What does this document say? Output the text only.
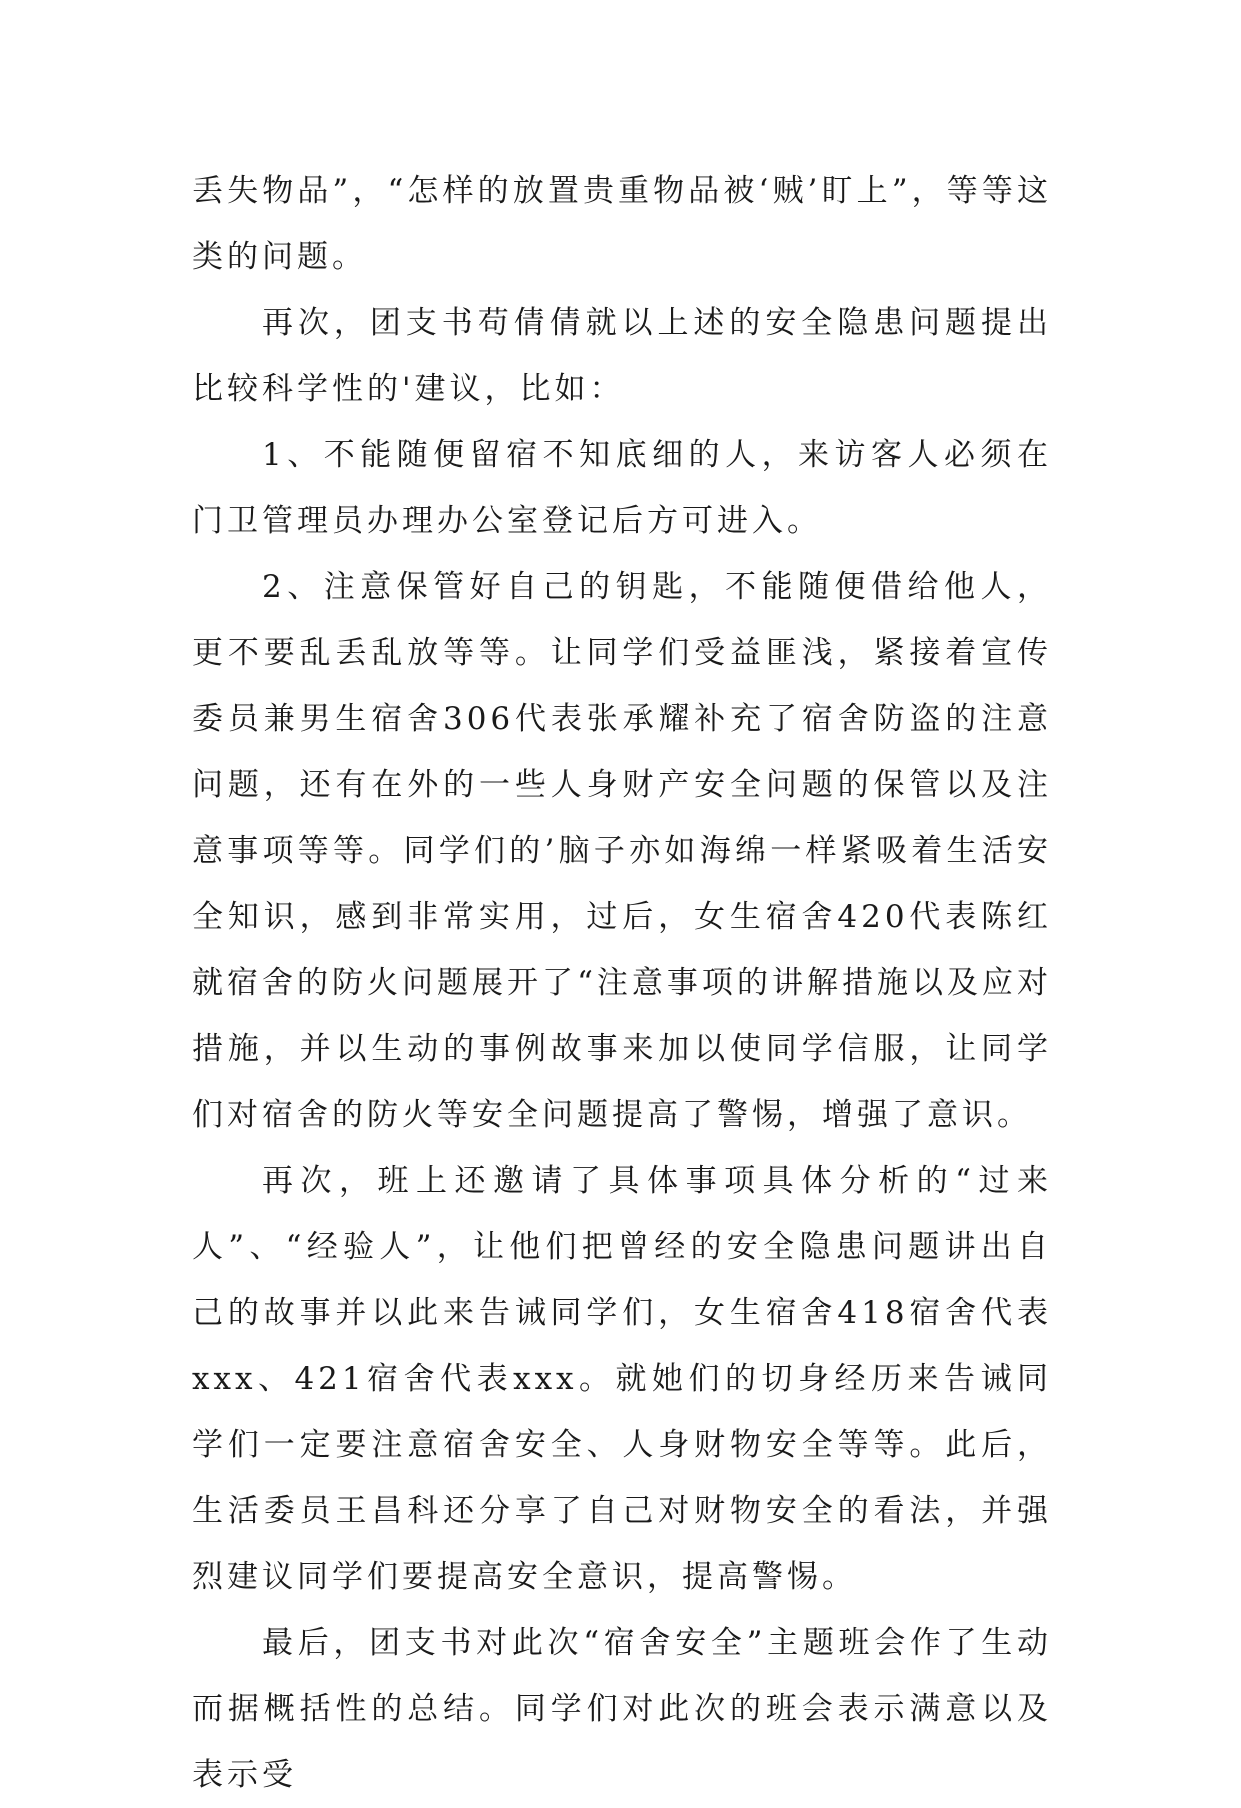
丢失物品”，“怎样的放置贵重物品被‘贼’盯上”，等等这类的问题。

再次，团支书苟倩倩就以上述的安全隐患问题提出比较科学性的'建议，比如：

1、不能随便留宿不知底细的人，来访客人必须在门卫管理员办理办公室登记后方可进入。

2、注意保管好自己的钥匙，不能随便借给他人，更不要乱丢乱放等等。让同学们受益匪浅，紧接着宣传委员兼男生宿舍306代表张承耀补充了宿舍防盗的注意问题，还有在外的一些人身财产安全问题的保管以及注意事项等等。同学们的’脑子亦如海绵一样紧吸着生活安全知识，感到非常实用，过后，女生宿舍420代表陈红就宿舍的防火问题展开了“注意事项的讲解措施以及应对措施，并以生动的事例故事来加以使同学信服，让同学们对宿舍的防火等安全问题提高了警惕，增强了意识。

再次，班上还邀请了具体事项具体分析的“过来人”、“经验人”，让他们把曾经的安全隐患问题讲出自己的故事并以此来告诫同学们，女生宿舍418宿舍代表xxx、421宿舍代表xxx。就她们的切身经历来告诫同学们一定要注意宿舍安全、人身财物安全等等。此后，生活委员王昌科还分享了自己对财物安全的看法，并强烈建议同学们要提高安全意识，提高警惕。

最后，团支书对此次“宿舍安全”主题班会作了生动而据概括性的总结。同学们对此次的班会表示满意以及表示受
